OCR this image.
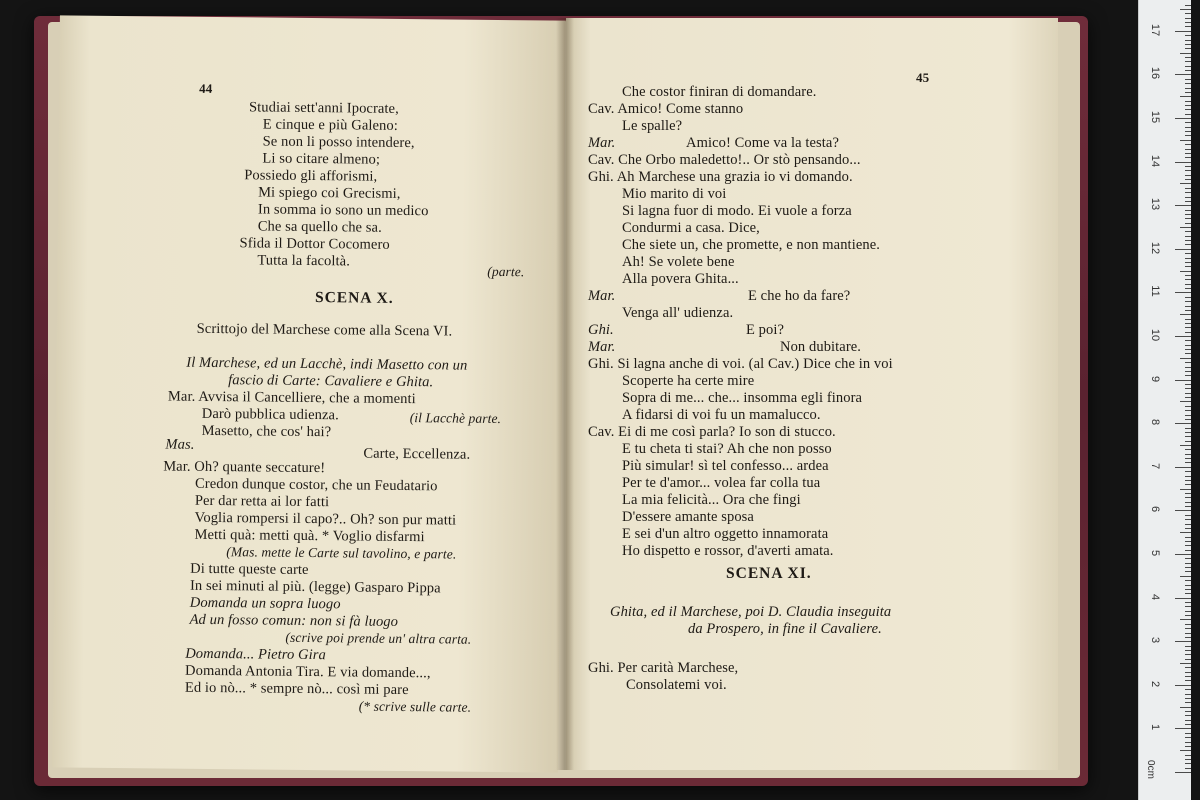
44
Studiai sett'anni Ipocrate,
E cinque e più Galeno:
Se non li posso intendere,
Li so citare almeno;
Possiedo gli afforismi,
Mi spiego coi Grecismi,
In somma io sono un medico
Che sa quello che sa.
Sfida il Dottor Cocomero
Tutta la facoltà.
(parte.
SCENA X.
Scrittojo del Marchese come alla Scena VI.
Il Marchese, ed un Lacchè, indi Masetto con un
fascio di Carte: Cavaliere e Ghita.
Mar. Avvisa il Cancelliere, che a momenti
Darò pubblica udienza.	(il Lacchè parte.
Masetto, che cos' hai?
Mas.
Carte, Eccellenza.
Mar. Oh? quante seccature!
Credon dunque costor, che un Feudatario
Per dar retta ai lor fatti
Voglia rompersi il capo?.. Oh? son pur matti
Metti quà: metti quà. * Voglio disfarmi
(Mas. mette le Carte sul tavolino, e parte.
Di tutte queste carte
In sei minuti al più. (legge) Gasparo Pippa
Domanda un sopra luogo
Ad un fosso comun: non si fà luogo
(scrive poi prende un' altra carta.
Domanda... Pietro Gira
Domanda Antonia Tira. E via domande...,
Ed io nò... * sempre nò... così mi pare
(* scrive sulle carte.
45
Che costor finiran di domandare.
Cav. Amico! Come stanno
Le spalle?
Mar.	Amico! Come va la testa?
Cav. Che Orbo maledetto!.. Or stò pensando...
Ghi. Ah Marchese una grazia io vi domando.
Mio marito di voi
Si lagna fuor di modo. Ei vuole a forza
Condurmi a casa. Dice,
Che siete un, che promette, e non mantiene.
Ah! Se volete bene
Alla povera Ghita...
Mar.	E che ho da fare?
Venga all' udienza.
Ghi.	E poi?
Mar.	Non dubitare.
Ghi. Si lagna anche di voi. (al Cav.) Dice che in voi
Scoperte ha certe mire
Sopra di me... che... insomma egli finora
A fidarsi di voi fu un mamalucco.
Cav. Ei di me così parla? Io son di stucco.
E tu cheta ti stai? Ah che non posso
Più simular! sì tel confesso... ardea
Per te d'amor... volea far colla tua
La mia felicità... Ora che fingi
D'essere amante sposa
E sei d'un altro oggetto innamorata
Ho dispetto e rossor, d'averti amata.
SCENA XI.
Ghita, ed il Marchese, poi D. Claudia inseguita
da Prospero, in fine il Cavaliere.
Ghi. Per carità Marchese,
Consolatemi voi.
0cm
1
2
3
4
5
6
7
8
9
10
11
12
13
14
15
16
17
